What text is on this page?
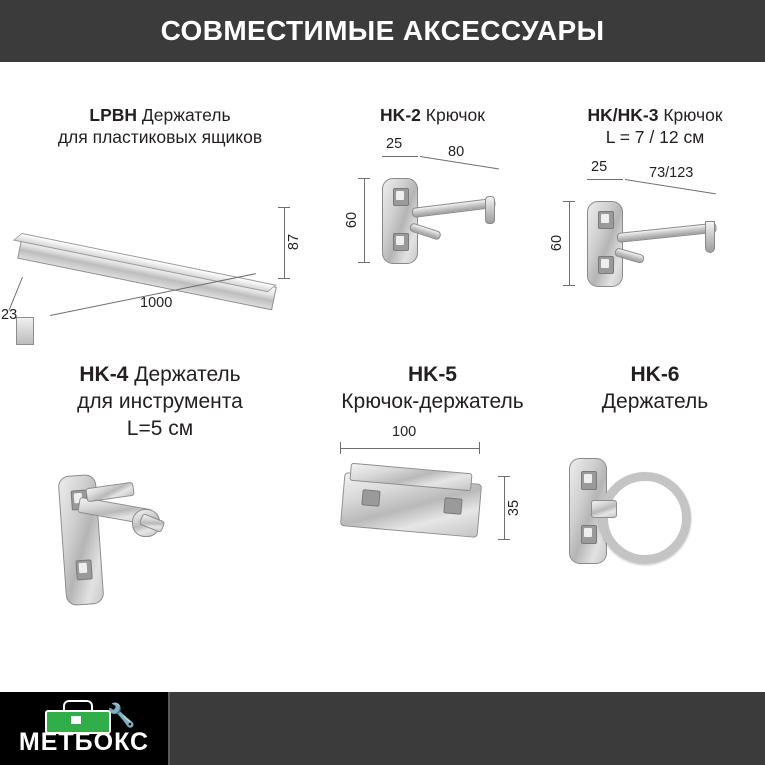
СОВМЕСТИМЫЕ АКСЕССУАРЫ
LPBH Держатель
для пластиковых ящиков
87
1000
23
HK-2 Крючок
25	80
60
HK/HK-3 Крючок
L = 7 / 12 см
25	73/123
60
HK-4 Держатель
для инструмента
L=5 см
HK-5
Крючок-держатель
100
35
HK-6
Держатель
🔧
МЕТБОКС
